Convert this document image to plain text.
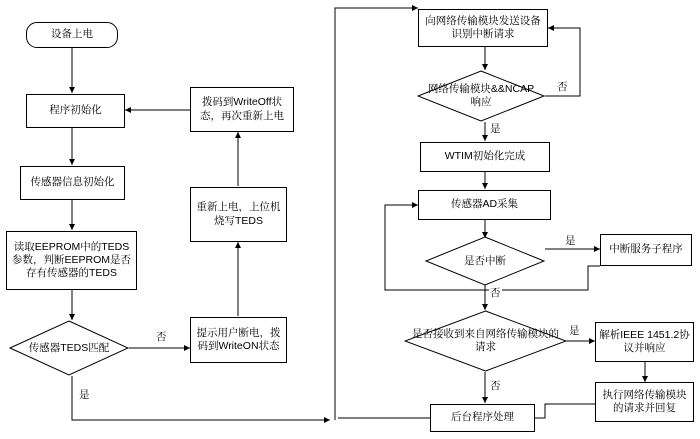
设备上电
程序初始化
传感器信息初始化
读取EEPROM中的TEDS参数，判断EEPROM是否存有传感器的TEDS
传感器TEDS匹配
提示用户断电，拨码到WriteON状态
重新上电，上位机烧写TEDS
拨码到WriteOff状态，再次重新上电
向网络传输模块发送设备识别中断请求
网络传输模块&&NCAP响应
WTIM初始化完成
传感器AD采集
是否中断
中断服务子程序
是否接收到来自网络传输模块的请求
解析IEEE 1451.2协议并响应
执行网络传输模块的请求并回复
后台程序处理
否
是
否
是
是
否
是
否
